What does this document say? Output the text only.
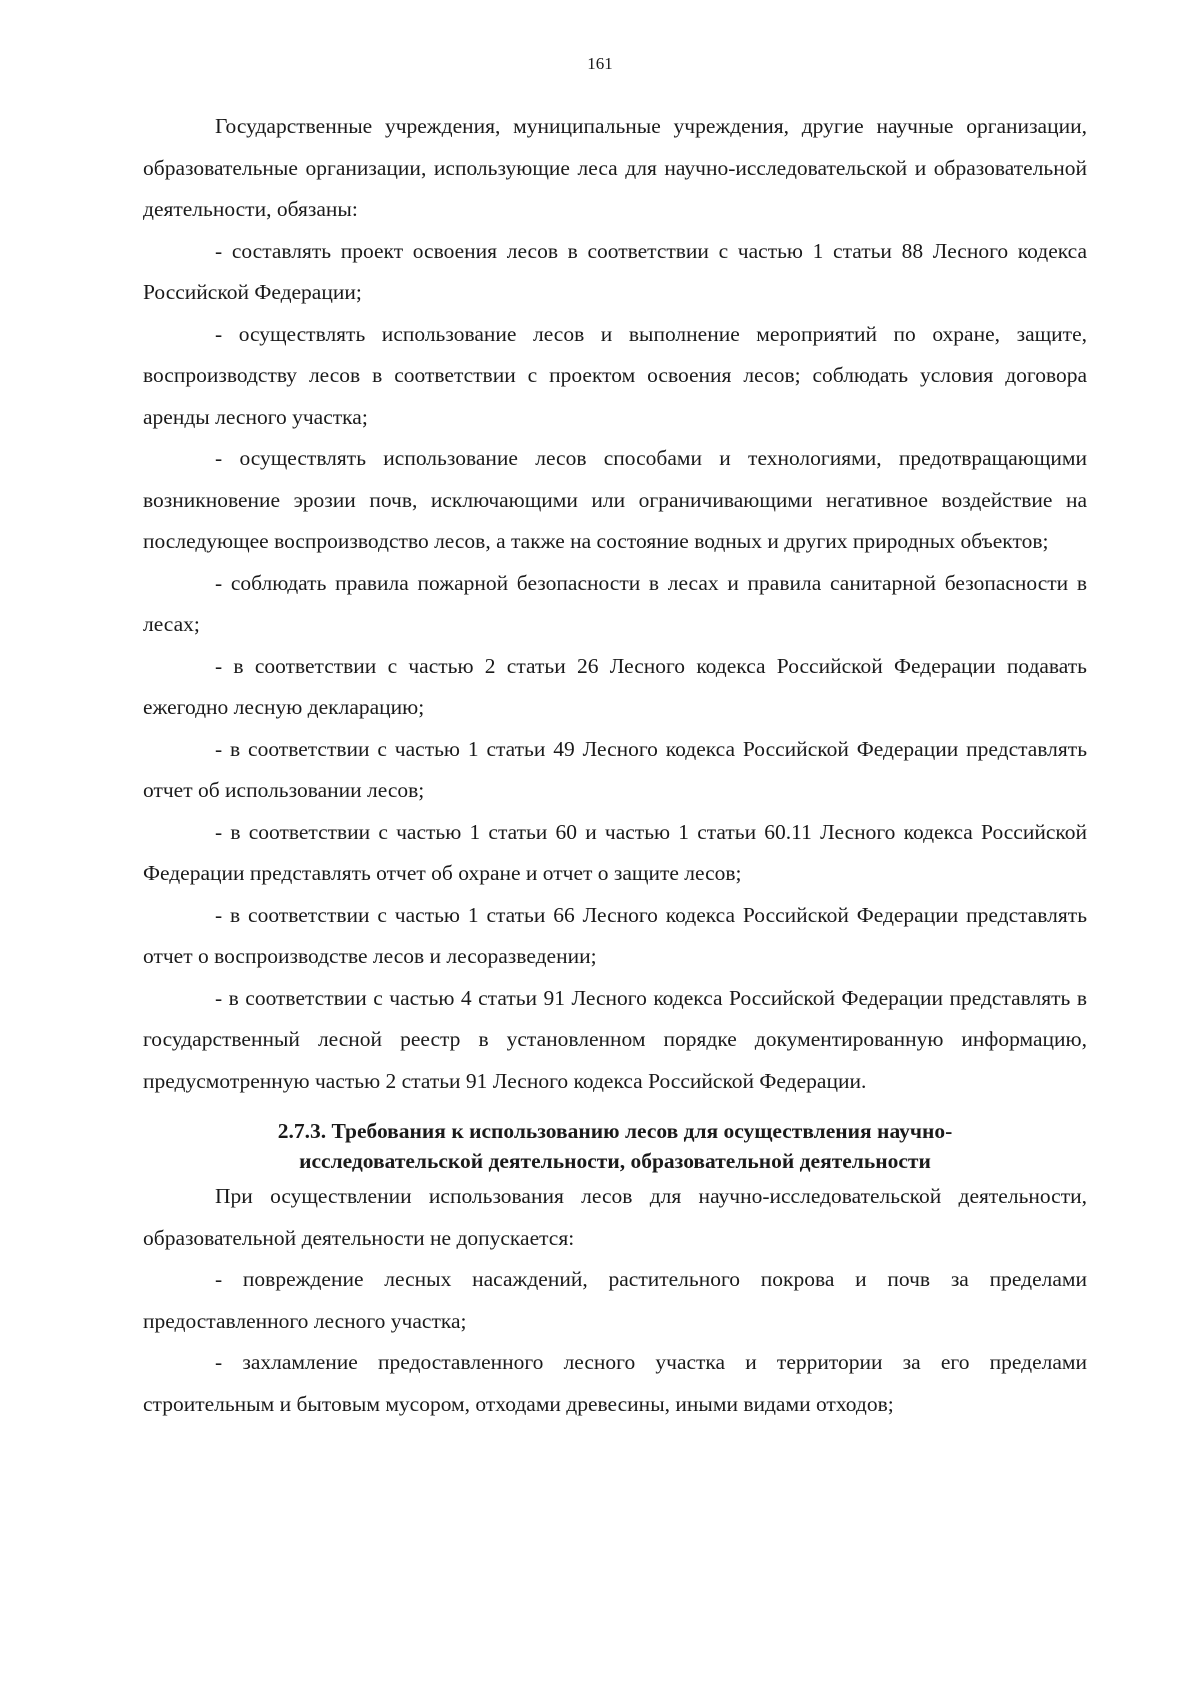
161

Государственные учреждения, муниципальные учреждения, другие научные организации, образовательные организации, использующие леса для научно-исследовательской и образовательной деятельности, обязаны:

- составлять проект освоения лесов в соответствии с частью 1 статьи 88 Лесного кодекса Российской Федерации;

- осуществлять использование лесов и выполнение мероприятий по охране, защите, воспроизводству лесов в соответствии с проектом освоения лесов; соблюдать условия договора аренды лесного участка;

- осуществлять использование лесов способами и технологиями, предотвращающими возникновение эрозии почв, исключающими или ограничивающими негативное воздействие на последующее воспроизводство лесов, а также на состояние водных и других природных объектов;

- соблюдать правила пожарной безопасности в лесах и правила санитарной безопасности в лесах;

- в соответствии с частью 2 статьи 26 Лесного кодекса Российской Федерации подавать ежегодно лесную декларацию;

- в соответствии с частью 1 статьи 49 Лесного кодекса Российской Федерации представлять отчет об использовании лесов;

- в соответствии с частью 1 статьи 60 и частью 1 статьи 60.11 Лесного кодекса Российской Федерации представлять отчет об охране и отчет о защите лесов;

- в соответствии с частью 1 статьи 66 Лесного кодекса Российской Федерации представлять отчет о воспроизводстве лесов и лесоразведении;

- в соответствии с частью 4 статьи 91 Лесного кодекса Российской Федерации представлять в государственный лесной реестр в установленном порядке документированную информацию, предусмотренную частью 2 статьи 91 Лесного кодекса Российской Федерации.

2.7.3. Требования к использованию лесов для осуществления научно-
исследовательской деятельности, образовательной деятельности

При осуществлении использования лесов для научно-исследовательской деятельности, образовательной деятельности не допускается:

- повреждение лесных насаждений, растительного покрова и почв за пределами предоставленного лесного участка;

- захламление предоставленного лесного участка и территории за его пределами строительным и бытовым мусором, отходами древесины, иными видами отходов;
